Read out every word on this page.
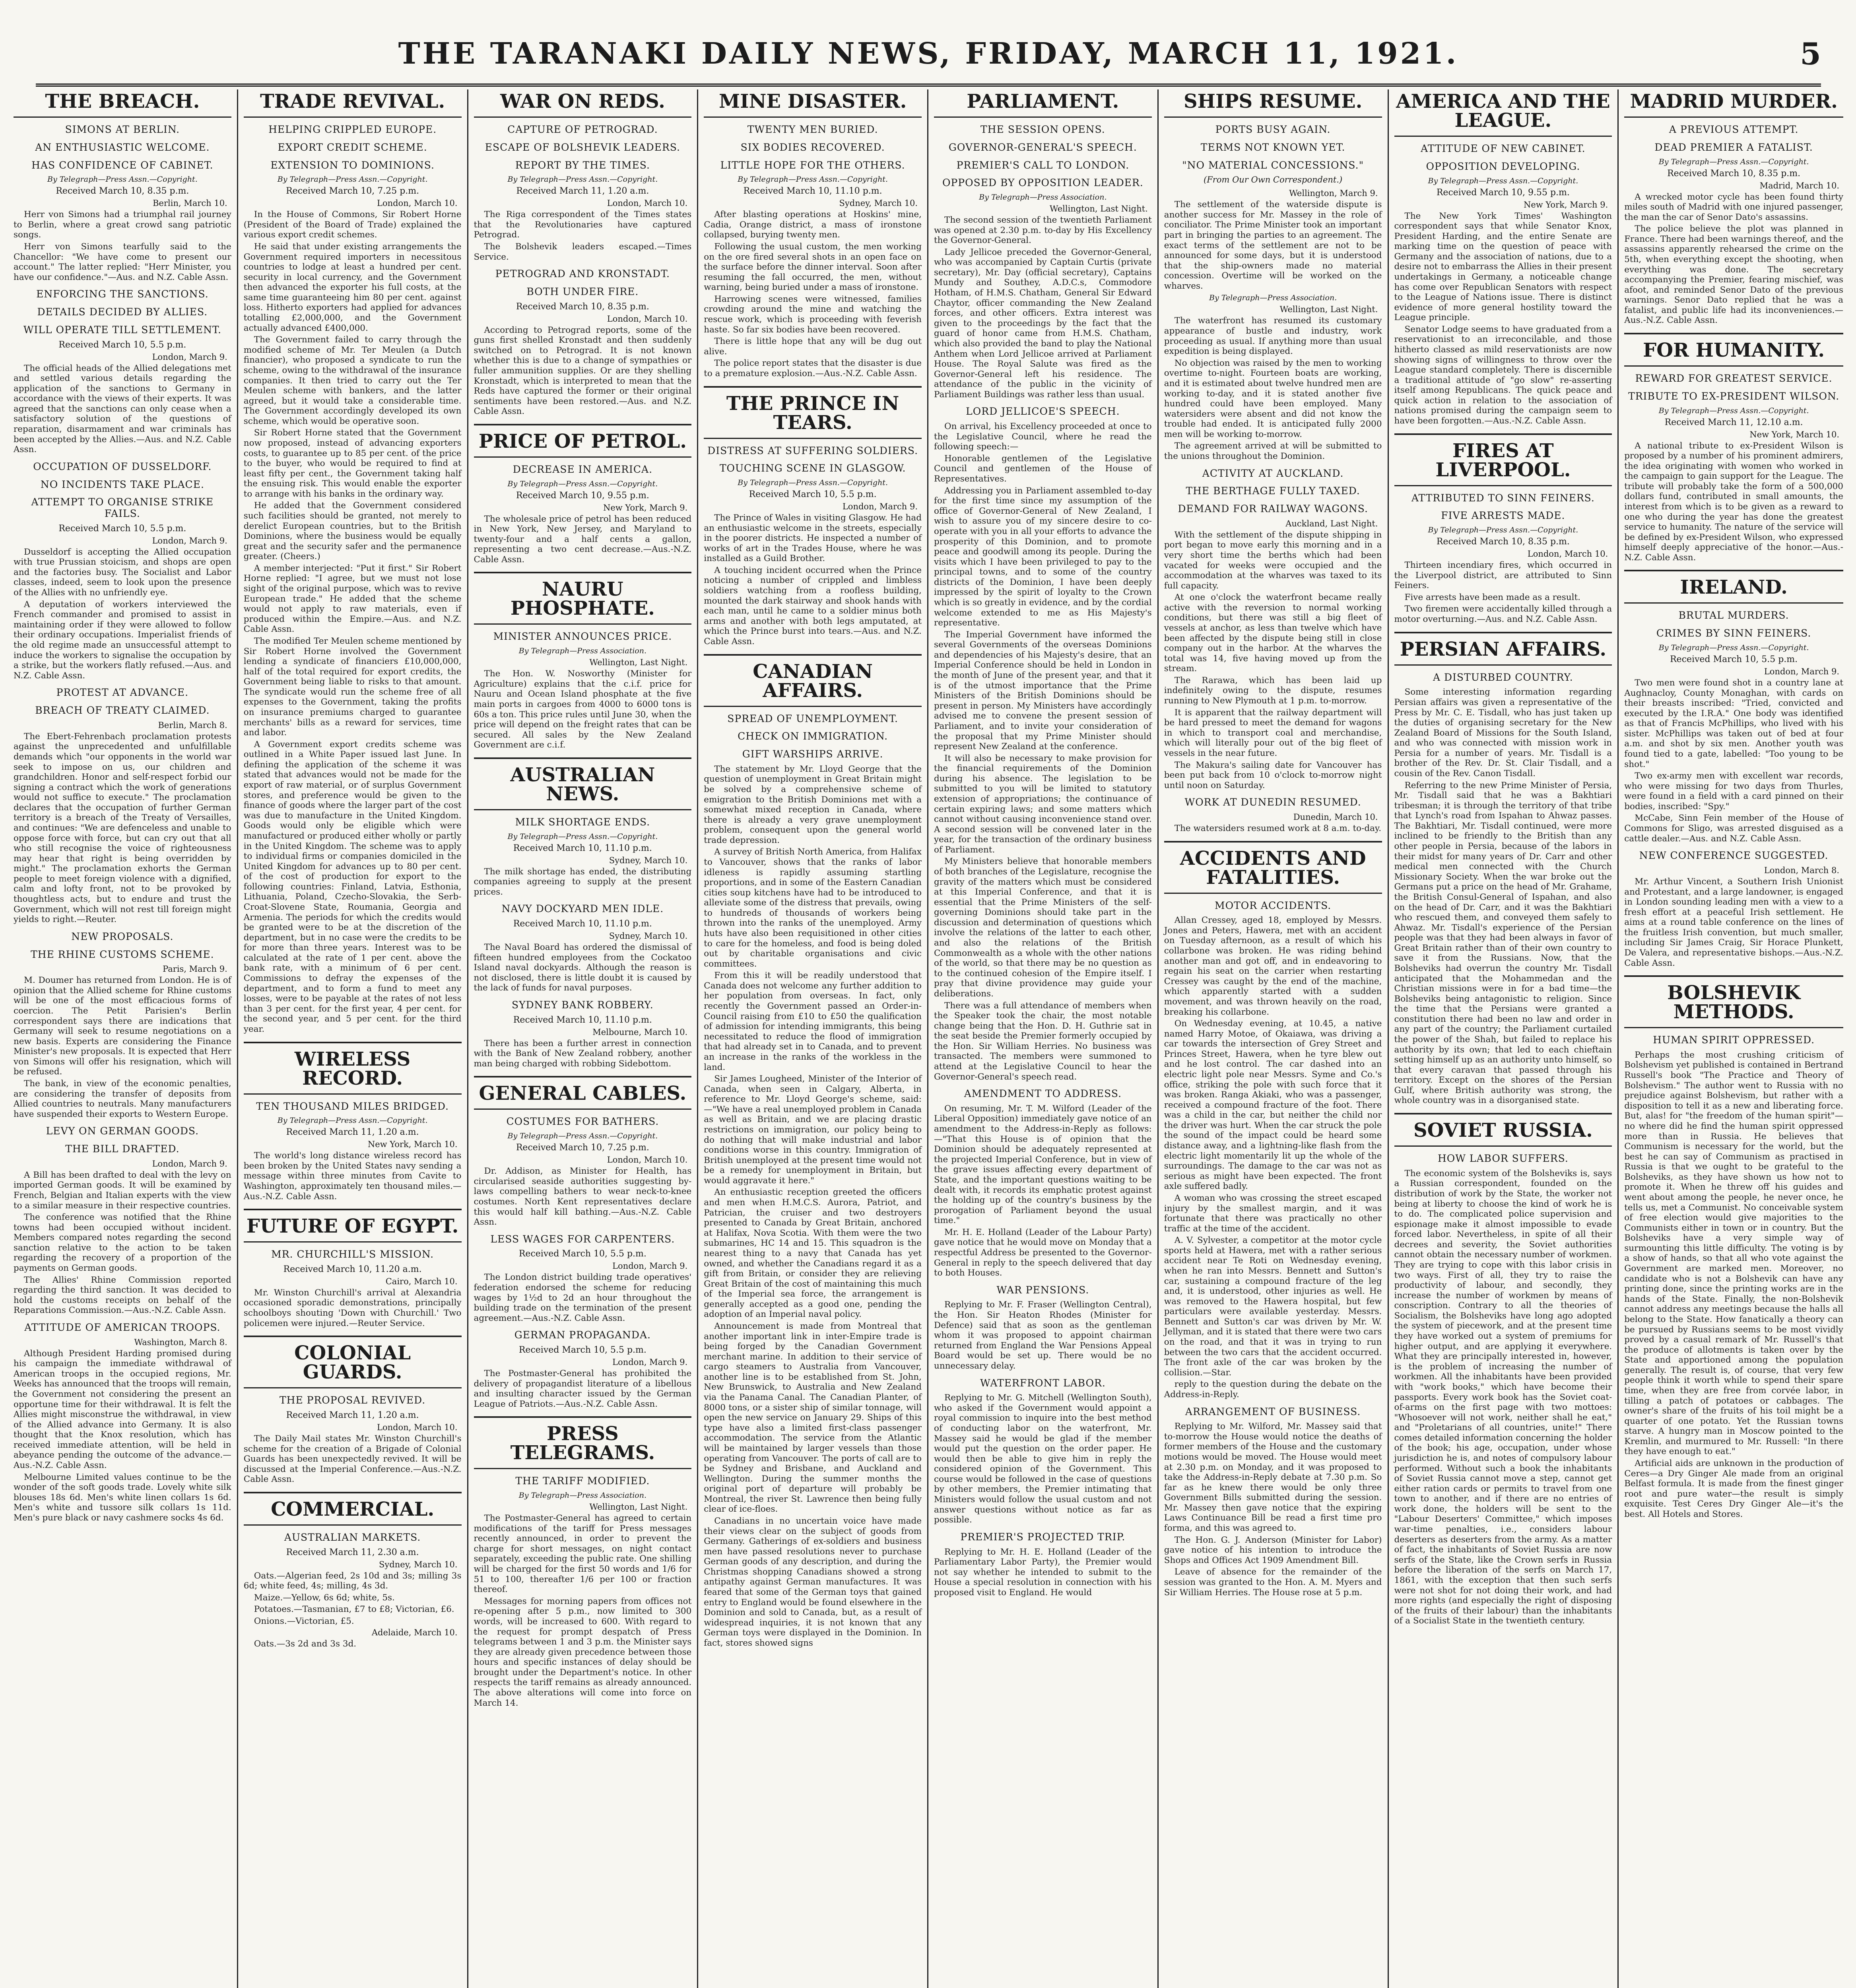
THE TARANAKI DAILY NEWS, FRIDAY, MARCH 11, 1921.	5
THE BREACH.
SIMONS AT BERLIN.
AN ENTHUSIASTIC WELCOME.
HAS CONFIDENCE OF CABINET.
By Telegraph—Press Assn.—Copyright.
Received March 10, 8.35 p.m.
Berlin, March 10.
Herr von Simons had a triumphal rail journey to Berlin, where a great crowd sang patriotic songs.
Herr von Simons tearfully said to the Chancellor: "We have come to present our account." The latter replied: "Herr Minister, you have our confidence."—Aus. and N.Z. Cable Assn.
ENFORCING THE SANCTIONS.
DETAILS DECIDED BY ALLIES.
WILL OPERATE TILL SETTLEMENT.
Received March 10, 5.5 p.m.
London, March 9.
The official heads of the Allied delegations met and settled various details regarding the application of the sanctions to Germany in accordance with the views of their experts. It was agreed that the sanctions can only cease when a satisfactory solution of the questions of reparation, disarmament and war criminals has been accepted by the Allies.—Aus. and N.Z. Cable Assn.
OCCUPATION OF DUSSELDORF.
NO INCIDENTS TAKE PLACE.
ATTEMPT TO ORGANISE STRIKE FAILS.
Received March 10, 5.5 p.m.
London, March 9.
Dusseldorf is accepting the Allied occupation with true Prussian stoicism, and shops are open and the factories busy. The Socialist and Labor classes, indeed, seem to look upon the presence of the Allies with no unfriendly eye.
A deputation of workers interviewed the French commander and promised to assist in maintaining order if they were allowed to follow their ordinary occupations. Imperialist friends of the old regime made an unsuccessful attempt to induce the workers to signalise the occupation by a strike, but the workers flatly refused.—Aus. and N.Z. Cable Assn.
PROTEST AT ADVANCE.
BREACH OF TREATY CLAIMED.
Berlin, March 8.
The Ebert-Fehrenbach proclamation protests against the unprecedented and unfulfillable demands which "our opponents in the world war seek to impose on us, our children and grandchildren. Honor and self-respect forbid our signing a contract which the work of generations would not suffice to execute." The proclamation declares that the occupation of further German territory is a breach of the Treaty of Versailles, and continues: "We are defenceless and unable to oppose force with force, but can cry out that all who still recognise the voice of righteousness may hear that right is being overridden by might." The proclamation exhorts the German people to meet foreign violence with a dignified, calm and lofty front, not to be provoked by thoughtless acts, but to endure and trust the Government, which will not rest till foreign might yields to right.—Reuter.
NEW PROPOSALS.
THE RHINE CUSTOMS SCHEME.
Paris, March 9.
M. Doumer has returned from London. He is of opinion that the Allied scheme for Rhine customs will be one of the most efficacious forms of coercion. The Petit Parisien's Berlin correspondent says there are indications that Germany will seek to resume negotiations on a new basis. Experts are considering the Finance Minister's new proposals. It is expected that Herr von Simons will offer his resignation, which will be refused.
The bank, in view of the economic penalties, are considering the transfer of deposits from Allied countries to neutrals. Many manufacturers have suspended their exports to Western Europe.
LEVY ON GERMAN GOODS.
THE BILL DRAFTED.
London, March 9.
A Bill has been drafted to deal with the levy on imported German goods. It will be examined by French, Belgian and Italian experts with the view to a similar measure in their respective countries.
The conference was notified that the Rhine towns had been occupied without incident. Members compared notes regarding the second sanction relative to the action to be taken regarding the recovery of a proportion of the payments on German goods.
The Allies' Rhine Commission reported regarding the third sanction. It was decided to hold the customs receipts on behalf of the Reparations Commission.—Aus.-N.Z. Cable Assn.
ATTITUDE OF AMERICAN TROOPS.
Washington, March 8.
Although President Harding promised during his campaign the immediate withdrawal of American troops in the occupied regions, Mr. Weeks has announced that the troops will remain, the Government not considering the present an opportune time for their withdrawal. It is felt the Allies might misconstrue the withdrawal, in view of the Allied advance into Germany. It is also thought that the Knox resolution, which has received immediate attention, will be held in abeyance pending the outcome of the advance.—Aus.-N.Z. Cable Assn.
Melbourne Limited values continue to be the wonder of the soft goods trade. Lovely white silk blouses 18s 6d. Men's white linen collars 1s 6d. Men's white and tussore silk collars 1s 11d. Men's pure black or navy cashmere socks 4s 6d.
TRADE REVIVAL.
HELPING CRIPPLED EUROPE.
EXPORT CREDIT SCHEME.
EXTENSION TO DOMINIONS.
By Telegraph—Press Assn.—Copyright.
Received March 10, 7.25 p.m.
London, March 10.
In the House of Commons, Sir Robert Horne (President of the Board of Trade) explained the various export credit schemes.
He said that under existing arrangements the Government required importers in necessitous countries to lodge at least a hundred per cent. security in local currency, and the Government then advanced the exporter his full costs, at the same time guaranteeing him 80 per cent. against loss. Hitherto exporters had applied for advances totalling £2,000,000, and the Government actually advanced £400,000.
The Government failed to carry through the modified scheme of Mr. Ter Meulen (a Dutch financier), who proposed a syndicate to run the scheme, owing to the withdrawal of the insurance companies. It then tried to carry out the Ter Meulen scheme with bankers, and the latter agreed, but it would take a considerable time. The Government accordingly developed its own scheme, which would be operative soon.
Sir Robert Horne stated that the Government now proposed, instead of advancing exporters costs, to guarantee up to 85 per cent. of the price to the buyer, who would be required to find at least fifty per cent., the Government taking half the ensuing risk. This would enable the exporter to arrange with his banks in the ordinary way.
He added that the Government considered such facilities should be granted, not merely to derelict European countries, but to the British Dominions, where the business would be equally great and the security safer and the permanence greater. (Cheers.)
A member interjected: "Put it first." Sir Robert Horne replied: "I agree, but we must not lose sight of the original purpose, which was to revive European trade." He added that the scheme would not apply to raw materials, even if produced within the Empire.—Aus. and N.Z. Cable Assn.
The modified Ter Meulen scheme mentioned by Sir Robert Horne involved the Government lending a syndicate of financiers £10,000,000, half of the total required for export credits, the Government being liable to risks to that amount. The syndicate would run the scheme free of all expenses to the Government, taking the profits on insurance premiums charged to guarantee merchants' bills as a reward for services, time and labor.
A Government export credits scheme was outlined in a White Paper issued last June. In defining the application of the scheme it was stated that advances would not be made for the export of raw material, or of surplus Government stores, and preference would be given to the finance of goods where the larger part of the cost was due to manufacture in the United Kingdom. Goods would only be eligible which were manufactured or produced either wholly or partly in the United Kingdom. The scheme was to apply to individual firms or companies domiciled in the United Kingdom for advances up to 80 per cent. of the cost of production for export to the following countries: Finland, Latvia, Esthonia, Lithuania, Poland, Czecho-Slovakia, the Serb-Croat-Slovene State, Roumania, Georgia and Armenia. The periods for which the credits would be granted were to be at the discretion of the department, but in no case were the credits to be for more than three years. Interest was to be calculated at the rate of 1 per cent. above the bank rate, with a minimum of 6 per cent. Commissions to defray the expenses of the department, and to form a fund to meet any losses, were to be payable at the rates of not less than 3 per cent. for the first year, 4 per cent. for the second year, and 5 per cent. for the third year.
WIRELESS RECORD.
TEN THOUSAND MILES BRIDGED.
By Telegraph—Press Assn.—Copyright.
Received March 11, 1.20 a.m.
New York, March 10.
The world's long distance wireless record has been broken by the United States navy sending a message within three minutes from Cavite to Washington, approximately ten thousand miles.—Aus.-N.Z. Cable Assn.
FUTURE OF EGYPT.
MR. CHURCHILL'S MISSION.
Received March 10, 11.20 a.m.
Cairo, March 10.
Mr. Winston Churchill's arrival at Alexandria occasioned sporadic demonstrations, principally schoolboys shouting 'Down with Churchill.' Two policemen were injured.—Reuter Service.
COLONIAL GUARDS.
THE PROPOSAL REVIVED.
Received March 11, 1.20 a.m.
London, March 10.
The Daily Mail states Mr. Winston Churchill's scheme for the creation of a Brigade of Colonial Guards has been unexpectedly revived. It will be discussed at the Imperial Conference.—Aus.-N.Z. Cable Assn.
COMMERCIAL.
AUSTRALIAN MARKETS.
Received March 11, 2.30 a.m.
Sydney, March 10.
Oats.—Algerian feed, 2s 10d and 3s; milling 3s 6d; white feed, 4s; milling, 4s 3d.
Maize.—Yellow, 6s 6d; white, 5s.
Potatoes.—Tasmanian, £7 to £8; Victorian, £6.
Onions.—Victorian, £5.
Adelaide, March 10.
Oats.—3s 2d and 3s 3d.
WAR ON REDS.
CAPTURE OF PETROGRAD.
ESCAPE OF BOLSHEVIK LEADERS.
REPORT BY THE TIMES.
By Telegraph—Press Assn.—Copyright.
Received March 11, 1.20 a.m.
London, March 10.
The Riga correspondent of the Times states that the Revolutionaries have captured Petrograd.
The Bolshevik leaders escaped.—Times Service.
PETROGRAD AND KRONSTADT.
BOTH UNDER FIRE.
Received March 10, 8.35 p.m.
London, March 10.
According to Petrograd reports, some of the guns first shelled Kronstadt and then suddenly switched on to Petrograd. It is not known whether this is due to a change of sympathies or fuller ammunition supplies. Or are they shelling Kronstadt, which is interpreted to mean that the Reds have captured the former or their original sentiments have been restored.—Aus. and N.Z. Cable Assn.
PRICE OF PETROL.
DECREASE IN AMERICA.
By Telegraph—Press Assn.—Copyright.
Received March 10, 9.55 p.m.
New York, March 9.
The wholesale price of petrol has been reduced in New York, New Jersey, and Maryland to twenty-four and a half cents a gallon, representing a two cent decrease.—Aus.-N.Z. Cable Assn.
NAURU PHOSPHATE.
MINISTER ANNOUNCES PRICE.
By Telegraph—Press Association.
Wellington, Last Night.
The Hon. W. Nosworthy (Minister for Agriculture) explains that the c.i.f. price for Nauru and Ocean Island phosphate at the five main ports in cargoes from 4000 to 6000 tons is 60s a ton. This price rules until June 30, when the price will depend on the freight rates that can be secured. All sales by the New Zealand Government are c.i.f.
AUSTRALIAN NEWS.
MILK SHORTAGE ENDS.
By Telegraph—Press Assn.—Copyright.
Received March 10, 11.10 p.m.
Sydney, March 10.
The milk shortage has ended, the distributing companies agreeing to supply at the present prices.
NAVY DOCKYARD MEN IDLE.
Received March 10, 11.10 p.m.
Sydney, March 10.
The Naval Board has ordered the dismissal of fifteen hundred employees from the Cockatoo Island naval dockyards. Although the reason is not disclosed, there is little doubt it is caused by the lack of funds for naval purposes.
SYDNEY BANK ROBBERY.
Received March 10, 11.10 p.m.
Melbourne, March 10.
There has been a further arrest in connection with the Bank of New Zealand robbery, another man being charged with robbing Sidebottom.
GENERAL CABLES.
COSTUMES FOR BATHERS.
By Telegraph—Press Assn.—Copyright.
Received March 10, 7.25 p.m.
London, March 10.
Dr. Addison, as Minister for Health, has circularised seaside authorities suggesting by-laws compelling bathers to wear neck-to-knee costumes. North Kent representatives declare this would half kill bathing.—Aus.-N.Z. Cable Assn.
LESS WAGES FOR CARPENTERS.
Received March 10, 5.5 p.m.
London, March 9.
The London district building trade operatives' federation endorsed the scheme for reducing wages by 1½d to 2d an hour throughout the building trade on the termination of the present agreement.—Aus.-N.Z. Cable Assn.
GERMAN PROPAGANDA.
Received March 10, 5.5 p.m.
London, March 9.
The Postmaster-General has prohibited the delivery of propagandist literature of a libellous and insulting character issued by the German League of Patriots.—Aus.-N.Z. Cable Assn.
PRESS TELEGRAMS.
THE TARIFF MODIFIED.
By Telegraph—Press Association.
Wellington, Last Night.
The Postmaster-General has agreed to certain modifications of the tariff for Press messages recently announced, in order to prevent the charge for short messages, on night contact separately, exceeding the public rate. One shilling will be charged for the first 50 words and 1/6 for 51 to 100, thereafter 1/6 per 100 or fraction thereof.
Messages for morning papers from offices not re-opening after 5 p.m., now limited to 300 words, will be increased to 600. With regard to the request for prompt despatch of Press telegrams between 1 and 3 p.m. the Minister says they are already given precedence between those hours and specific instances of delay should be brought under the Department's notice. In other respects the tariff remains as already announced. The above alterations will come into force on March 14.
MINE DISASTER.
TWENTY MEN BURIED.
SIX BODIES RECOVERED.
LITTLE HOPE FOR THE OTHERS.
By Telegraph—Press Assn.—Copyright.
Received March 10, 11.10 p.m.
Sydney, March 10.
After blasting operations at Hoskins' mine, Cadia, Orange district, a mass of ironstone collapsed, burying twenty men.
Following the usual custom, the men working on the ore fired several shots in an open face on the surface before the dinner interval. Soon after resuming the fall occurred, the men, without warning, being buried under a mass of ironstone.
Harrowing scenes were witnessed, families crowding around the mine and watching the rescue work, which is proceeding with feverish haste. So far six bodies have been recovered.
There is little hope that any will be dug out alive.
The police report states that the disaster is due to a premature explosion.—Aus.-N.Z. Cable Assn.
THE PRINCE IN TEARS.
DISTRESS AT SUFFERING SOLDIERS.
TOUCHING SCENE IN GLASGOW.
By Telegraph—Press Assn.—Copyright.
Received March 10, 5.5 p.m.
London, March 9.
The Prince of Wales in visiting Glasgow. He had an enthusiastic welcome in the streets, especially in the poorer districts. He inspected a number of works of art in the Trades House, where he was installed as a Guild Brother.
A touching incident occurred when the Prince noticing a number of crippled and limbless soldiers watching from a roofless building, mounted the dark stairway and shook hands with each man, until he came to a soldier minus both arms and another with both legs amputated, at which the Prince burst into tears.—Aus. and N.Z. Cable Assn.
CANADIAN AFFAIRS.
SPREAD OF UNEMPLOYMENT.
CHECK ON IMMIGRATION.
GIFT WARSHIPS ARRIVE.
The statement by Mr. Lloyd George that the question of unemployment in Great Britain might be solved by a comprehensive scheme of emigration to the British Dominions met with a somewhat mixed reception in Canada, where there is already a very grave unemployment problem, consequent upon the general world trade depression.
A survey of British North America, from Halifax to Vancouver, shows that the ranks of labor idleness is rapidly assuming startling proportions, and in some of the Eastern Canadian cities soup kitchens have had to be introduced to alleviate some of the distress that prevails, owing to hundreds of thousands of workers being thrown into the ranks of the unemployed. Army huts have also been requisitioned in other cities to care for the homeless, and food is being doled out by charitable organisations and civic committees.
From this it will be readily understood that Canada does not welcome any further addition to her population from overseas. In fact, only recently the Government passed an Order-in-Council raising from £10 to £50 the qualification of admission for intending immigrants, this being necessitated to reduce the flood of immigration that had already set in to Canada, and to prevent an increase in the ranks of the workless in the land.
Sir James Lougheed, Minister of the Interior of Canada, when seen in Calgary, Alberta, in reference to Mr. Lloyd George's scheme, said:—"We have a real unemployed problem in Canada as well as Britain, and we are placing drastic restrictions on immigration, our policy being to do nothing that will make industrial and labor conditions worse in this country. Immigration of British unemployed at the present time would not be a remedy for unemployment in Britain, but would aggravate it here."
An enthusiastic reception greeted the officers and men when H.M.C.S. Aurora, Patriot, and Patrician, the cruiser and two destroyers presented to Canada by Great Britain, anchored at Halifax, Nova Scotia. With them were the two submarines, HC 14 and 15. This squadron is the nearest thing to a navy that Canada has yet owned, and whether the Canadians regard it as a gift from Britain, or consider they are relieving Great Britain of the cost of maintaining this much of the Imperial sea force, the arrangement is generally accepted as a good one, pending the adoption of an Imperial naval policy.
Announcement is made from Montreal that another important link in inter-Empire trade is being forged by the Canadian Government merchant marine. In addition to their service of cargo steamers to Australia from Vancouver, another line is to be established from St. John, New Brunswick, to Australia and New Zealand via the Panama Canal. The Canadian Planter, of 8000 tons, or a sister ship of similar tonnage, will open the new service on January 29. Ships of this type have also a limited first-class passenger accommodation. The service from the Atlantic will be maintained by larger vessels than those operating from Vancouver. The ports of call are to be Sydney and Brisbane, and Auckland and Wellington. During the summer months the original port of departure will probably be Montreal, the river St. Lawrence then being fully clear of ice-floes.
Canadians in no uncertain voice have made their views clear on the subject of goods from Germany. Gatherings of ex-soldiers and business men have passed resolutions never to purchase German goods of any description, and during the Christmas shopping Canadians showed a strong antipathy against German manufactures. It was feared that some of the German toys that gained entry to England would be found elsewhere in the Dominion and sold to Canada, but, as a result of widespread inquiries, it is not known that any German toys were displayed in the Dominion. In fact, stores showed signs
PARLIAMENT.
THE SESSION OPENS.
GOVERNOR-GENERAL'S SPEECH.
PREMIER'S CALL TO LONDON.
OPPOSED BY OPPOSITION LEADER.
By Telegraph—Press Association.
Wellington, Last Night.
The second session of the twentieth Parliament was opened at 2.30 p.m. to-day by His Excellency the Governor-General.
Lady Jellicoe preceded the Governor-General, who was accompanied by Captain Curtis (private secretary), Mr. Day (official secretary), Captains Mundy and Southey, A.D.C.s, Commodore Hotham, of H.M.S. Chatham, General Sir Edward Chaytor, officer commanding the New Zealand forces, and other officers. Extra interest was given to the proceedings by the fact that the guard of honor came from H.M.S. Chatham, which also provided the band to play the National Anthem when Lord Jellicoe arrived at Parliament House. The Royal Salute was fired as the Governor-General left his residence. The attendance of the public in the vicinity of Parliament Buildings was rather less than usual.
LORD JELLICOE'S SPEECH.
On arrival, his Excellency proceeded at once to the Legislative Council, where he read the following speech:—
Honorable gentlemen of the Legislative Council and gentlemen of the House of Representatives.
Addressing you in Parliament assembled to-day for the first time since my assumption of the office of Governor-General of New Zealand, I wish to assure you of my sincere desire to co-operate with you in all your efforts to advance the prosperity of this Dominion, and to promote peace and goodwill among its people. During the visits which I have been privileged to pay to the principal towns, and to some of the country districts of the Dominion, I have been deeply impressed by the spirit of loyalty to the Crown which is so greatly in evidence, and by the cordial welcome extended to me as His Majesty's representative.
The Imperial Government have informed the several Governments of the overseas Dominions and dependencies of his Majesty's desire, that an Imperial Conference should be held in London in the month of June of the present year, and that it is of the utmost importance that the Prime Ministers of the British Dominions should be present in person. My Ministers have accordingly advised me to convene the present session of Parliament, and to invite your consideration of the proposal that my Prime Minister should represent New Zealand at the conference.
It will also be necessary to make provision for the financial requirements of the Dominion during his absence. The legislation to be submitted to you will be limited to statutory extension of appropriations; the continuance of certain expiring laws; and some matters which cannot without causing inconvenience stand over. A second session will be convened later in the year, for the transaction of the ordinary business of Parliament.
My Ministers believe that honorable members of both branches of the Legislature, recognise the gravity of the matters which must be considered at this Imperial Conference, and that it is essential that the Prime Ministers of the self-governing Dominions should take part in the discussion and determination of questions which involve the relations of the latter to each other, and also the relations of the British Commonwealth as a whole with the other nations of the world, so that there may be no question as to the continued cohesion of the Empire itself. I pray that divine providence may guide your deliberations.
There was a full attendance of members when the Speaker took the chair, the most notable change being that the Hon. D. H. Guthrie sat in the seat beside the Premier formerly occupied by the Hon. Sir William Herries. No business was transacted. The members were summoned to attend at the Legislative Council to hear the Governor-General's speech read.
AMENDMENT TO ADDRESS.
On resuming, Mr. T. M. Wilford (Leader of the Liberal Opposition) immediately gave notice of an amendment to the Address-in-Reply as follows:—"That this House is of opinion that the Dominion should be adequately represented at the projected Imperial Conference, but in view of the grave issues affecting every department of State, and the important questions waiting to be dealt with, it records its emphatic protest against the holding up of the country's business by the prorogation of Parliament beyond the usual time."
Mr. H. E. Holland (Leader of the Labour Party) gave notice that he would move on Monday that a respectful Address be presented to the Governor-General in reply to the speech delivered that day to both Houses.
WAR PENSIONS.
Replying to Mr. F. Fraser (Wellington Central), the Hon. Sir Heaton Rhodes (Minister for Defence) said that as soon as the gentleman whom it was proposed to appoint chairman returned from England the War Pensions Appeal Board would be set up. There would be no unnecessary delay.
WATERFRONT LABOR.
Replying to Mr. G. Mitchell (Wellington South), who asked if the Government would appoint a royal commission to inquire into the best method of conducting labor on the waterfront, Mr. Massey said he would be glad if the member would put the question on the order paper. He would then be able to give him in reply the considered opinion of the Government. This course would be followed in the case of questions by other members, the Premier intimating that Ministers would follow the usual custom and not answer questions without notice as far as possible.
PREMIER'S PROJECTED TRIP.
Replying to Mr. H. E. Holland (Leader of the Parliamentary Labor Party), the Premier would not say whether he intended to submit to the House a special resolution in connection with his proposed visit to England. He would
SHIPS RESUME.
PORTS BUSY AGAIN.
TERMS NOT KNOWN YET.
"NO MATERIAL CONCESSIONS."
(From Our Own Correspondent.)
Wellington, March 9.
The settlement of the waterside dispute is another success for Mr. Massey in the role of conciliator. The Prime Minister took an important part in bringing the parties to an agreement. The exact terms of the settlement are not to be announced for some days, but it is understood that the ship-owners made no material concession. Overtime will be worked on the wharves.
By Telegraph—Press Association.
Wellington, Last Night.
The waterfront has resumed its customary appearance of bustle and industry, work proceeding as usual. If anything more than usual expedition is being displayed.
No objection was raised by the men to working overtime to-night. Fourteen boats are working, and it is estimated about twelve hundred men are working to-day, and it is stated another five hundred could have been employed. Many watersiders were absent and did not know the trouble had ended. It is anticipated fully 2000 men will be working to-morrow.
The agreement arrived at will be submitted to the unions throughout the Dominion.
ACTIVITY AT AUCKLAND.
THE BERTHAGE FULLY TAXED.
DEMAND FOR RAILWAY WAGONS.
Auckland, Last Night.
With the settlement of the dispute shipping in port began to move early this morning and in a very short time the berths which had been vacated for weeks were occupied and the accommodation at the wharves was taxed to its full capacity.
At one o'clock the waterfront became really active with the reversion to normal working conditions, but there was still a big fleet of vessels at anchor, as less than twelve which have been affected by the dispute being still in close company out in the harbor. At the wharves the total was 14, five having moved up from the stream.
The Rarawa, which has been laid up indefinitely owing to the dispute, resumes running to New Plymouth at 1 p.m. to-morrow.
It is apparent that the railway department will be hard pressed to meet the demand for wagons in which to transport coal and merchandise, which will literally pour out of the big fleet of vessels in the near future.
The Makura's sailing date for Vancouver has been put back from 10 o'clock to-morrow night until noon on Saturday.
WORK AT DUNEDIN RESUMED.
Dunedin, March 10.
The watersiders resumed work at 8 a.m. to-day.
ACCIDENTS AND FATALITIES.
MOTOR ACCIDENTS.
Allan Cressey, aged 18, employed by Messrs. Jones and Peters, Hawera, met with an accident on Tuesday afternoon, as a result of which his collarbone was broken. He was riding behind another man and got off, and in endeavoring to regain his seat on the carrier when restarting Cressey was caught by the end of the machine, which apparently started with a sudden movement, and was thrown heavily on the road, breaking his collarbone.
On Wednesday evening, at 10.45, a native named Harry Motoe, of Okaiawa, was driving a car towards the intersection of Grey Street and Princes Street, Hawera, when he tyre blew out and he lost control. The car dashed into an electric light pole near Messrs. Syme and Co.'s office, striking the pole with such force that it was broken. Ranga Akiaki, who was a passenger, received a compound fracture of the foot. There was a child in the car, but neither the child nor the driver was hurt. When the car struck the pole the sound of the impact could be heard some distance away, and a lightning-like flash from the electric light momentarily lit up the whole of the surroundings. The damage to the car was not as serious as might have been expected. The front axle suffered badly.
A woman who was crossing the street escaped injury by the smallest margin, and it was fortunate that there was practically no other traffic at the time of the accident.
A. V. Sylvester, a competitor at the motor cycle sports held at Hawera, met with a rather serious accident near Te Roti on Wednesday evening, when he ran into Messrs. Bennett and Sutton's car, sustaining a compound fracture of the leg and, it is understood, other injuries as well. He was removed to the Hawera hospital, but few particulars were available yesterday. Messrs. Bennett and Sutton's car was driven by Mr. W. Jellyman, and it is stated that there were two cars on the road, and that it was in trying to run between the two cars that the accident occurred. The front axle of the car was broken by the collision.—Star.
reply to the question during the debate on the Address-in-Reply.
ARRANGEMENT OF BUSINESS.
Replying to Mr. Wilford, Mr. Massey said that to-morrow the House would notice the deaths of former members of the House and the customary motions would be moved. The House would meet at 2.30 p.m. on Monday, and it was proposed to take the Address-in-Reply debate at 7.30 p.m. So far as he knew there would be only three Government Bills submitted during the session. Mr. Massey then gave notice that the expiring Laws Continuance Bill be read a first time pro forma, and this was agreed to.
The Hon. G. J. Anderson (Minister for Labor) gave notice of his intention to introduce the Shops and Offices Act 1909 Amendment Bill.
Leave of absence for the remainder of the session was granted to the Hon. A. M. Myers and Sir William Herries. The House rose at 5 p.m.
AMERICA AND THE LEAGUE.
ATTITUDE OF NEW CABINET.
OPPOSITION DEVELOPING.
By Telegraph—Press Assn.—Copyright.
Received March 10, 9.55 p.m.
New York, March 9.
The New York Times' Washington correspondent says that while Senator Knox, President Harding, and the entire Senate are marking time on the question of peace with Germany and the association of nations, due to a desire not to embarrass the Allies in their present undertakings in Germany, a noticeable change has come over Republican Senators with respect to the League of Nations issue. There is distinct evidence of more general hostility toward the League principle.
Senator Lodge seems to have graduated from a reservationist to an irreconcilable, and those hitherto classed as mild reservationists are now showing signs of willingness to throw over the League standard completely. There is discernible a traditional attitude of "go slow" re-asserting itself among Republicans. The quick peace and quick action in relation to the association of nations promised during the campaign seem to have been forgotten.—Aus.-N.Z. Cable Assn.
FIRES AT LIVERPOOL.
ATTRIBUTED TO SINN FEINERS.
FIVE ARRESTS MADE.
By Telegraph—Press Assn.—Copyright.
Received March 10, 8.35 p.m.
London, March 10.
Thirteen incendiary fires, which occurred in the Liverpool district, are attributed to Sinn Feiners.
Five arrests have been made as a result.
Two firemen were accidentally killed through a motor overturning.—Aus. and N.Z. Cable Assn.
PERSIAN AFFAIRS.
A DISTURBED COUNTRY.
Some interesting information regarding Persian affairs was given a representative of the Press by Mr. C. E. Tisdall, who has just taken up the duties of organising secretary for the New Zealand Board of Missions for the South Island, and who was connected with mission work in Persia for a number of years. Mr. Tisdall is a brother of the Rev. Dr. St. Clair Tisdall, and a cousin of the Rev. Canon Tisdall.
Referring to the new Prime Minister of Persia, Mr. Tisdall said that he was a Bakhtiari tribesman; it is through the territory of that tribe that Lynch's road from Ispahan to Ahwaz passes. The Bakhtiari, Mr. Tisdall continued, were more inclined to be friendly to the British than any other people in Persia, because of the labors in their midst for many years of Dr. Carr and other medical men connected with the Church Missionary Society. When the war broke out the Germans put a price on the head of Mr. Grahame, the British Consul-General of Ispahan, and also on the head of Dr. Carr, and it was the Bakhtiari who rescued them, and conveyed them safely to Ahwaz. Mr. Tisdall's experience of the Persian people was that they had been always in favor of Great Britain rather than of their own country to save it from the Russians. Now, that the Bolsheviks had overrun the country Mr. Tisdall anticipated that the Mohammedan and the Christian missions were in for a bad time—the Bolsheviks being antagonistic to religion. Since the time that the Persians were granted a constitution there had been no law and order in any part of the country; the Parliament curtailed the power of the Shah, but failed to replace his authority by its own; that led to each chieftain setting himself up as an authority unto himself, so that every caravan that passed through his territory. Except on the shores of the Persian Gulf, where British authority was strong, the whole country was in a disorganised state.
SOVIET RUSSIA.
HOW LABOR SUFFERS.
The economic system of the Bolsheviks is, says a Russian correspondent, founded on the distribution of work by the State, the worker not being at liberty to choose the kind of work he is to do. The complicated police supervision and espionage make it almost impossible to evade forced labor. Nevertheless, in spite of all their decrees and severity, the Soviet authorities cannot obtain the necessary number of workmen. They are trying to cope with this labor crisis in two ways. First of all, they try to raise the productivity of labour, and secondly, they increase the number of workmen by means of conscription. Contrary to all the theories of Socialism, the Bolsheviks have long ago adopted the system of piecework, and at the present time they have worked out a system of premiums for higher output, and are applying it everywhere. What they are principally interested in, however, is the problem of increasing the number of workmen. All the inhabitants have been provided with "work books," which have become their passports. Every work book has the Soviet coat-of-arms on the first page with two mottoes: "Whosoever will not work, neither shall he eat," and "Proletarians of all countries, unite!" There comes detailed information concerning the holder of the book; his age, occupation, under whose jurisdiction he is, and notes of compulsory labour performed. Without such a book the inhabitants of Soviet Russia cannot move a step, cannot get either ration cards or permits to travel from one town to another, and if there are no entries of work done, the holders will be sent to the "Labour Deserters' Committee," which imposes war-time penalties, i.e., considers labour deserters as deserters from the army. As a matter of fact, the inhabitants of Soviet Russia are now serfs of the State, like the Crown serfs in Russia before the liberation of the serfs on March 17, 1861, with the exception that then such serfs were not shot for not doing their work, and had more rights (and especially the right of disposing of the fruits of their labour) than the inhabitants of a Socialist State in the twentieth century.
MADRID MURDER.
A PREVIOUS ATTEMPT.
DEAD PREMIER A FATALIST.
By Telegraph—Press Assn.—Copyright.
Received March 10, 8.35 p.m.
Madrid, March 10.
A wrecked motor cycle has been found thirty miles south of Madrid with one injured passenger, the man the car of Senor Dato's assassins.
The police believe the plot was planned in France. There had been warnings thereof, and the assassins apparently rehearsed the crime on the 5th, when everything except the shooting, when everything was done. The secretary accompanying the Premier, fearing mischief, was afoot, and reminded Senor Dato of the previous warnings. Senor Dato replied that he was a fatalist, and public life had its inconveniences.—Aus.-N.Z. Cable Assn.
FOR HUMANITY.
REWARD FOR GREATEST SERVICE.
TRIBUTE TO EX-PRESIDENT WILSON.
By Telegraph—Press Assn.—Copyright.
Received March 11, 12.10 a.m.
New York, March 10.
A national tribute to ex-President Wilson is proposed by a number of his prominent admirers, the idea originating with women who worked in the campaign to gain support for the League. The tribute will probably take the form of a 500,000 dollars fund, contributed in small amounts, the interest from which is to be given as a reward to one who during the year has done the greatest service to humanity. The nature of the service will be defined by ex-President Wilson, who expressed himself deeply appreciative of the honor.—Aus.-N.Z. Cable Assn.
IRELAND.
BRUTAL MURDERS.
CRIMES BY SINN FEINERS.
By Telegraph—Press Assn.—Copyright.
Received March 10, 5.5 p.m.
London, March 9.
Two men were found shot in a country lane at Aughnacloy, County Monaghan, with cards on their breasts inscribed: "Tried, convicted and executed by the I.R.A." One body was identified as that of Francis McPhillips, who lived with his sister. McPhillips was taken out of bed at four a.m. and shot by six men. Another youth was found tied to a gate, labelled: "Too young to be shot."
Two ex-army men with excellent war records, who were missing for two days from Thurles, were found in a field with a card pinned on their bodies, inscribed: "Spy."
McCabe, Sinn Fein member of the House of Commons for Sligo, was arrested disguised as a cattle dealer.—Aus. and N.Z. Cable Assn.
NEW CONFERENCE SUGGESTED.
London, March 8.
Mr. Arthur Vincent, a Southern Irish Unionist and Protestant, and a large landowner, is engaged in London sounding leading men with a view to a fresh effort at a peaceful Irish settlement. He aims at a round table conference on the lines of the fruitless Irish convention, but much smaller, including Sir James Craig, Sir Horace Plunkett, De Valera, and representative bishops.—Aus.-N.Z. Cable Assn.
BOLSHEVIK METHODS.
HUMAN SPIRIT OPPRESSED.
Perhaps the most crushing criticism of Bolshevism yet published is contained in Bertrand Russell's book "The Practice and Theory of Bolshevism." The author went to Russia with no prejudice against Bolshevism, but rather with a disposition to tell it as a new and liberating force. But, alas! for "the freedom of the human spirit"—no where did he find the human spirit oppressed more than in Russia. He believes that Communism is necessary for the world, but the best he can say of Communism as practised in Russia is that we ought to be grateful to the Bolsheviks, as they have shown us how not to promote it. When he threw off his guides and went about among the people, he never once, he tells us, met a Communist. No conceivable system of free election would give majorities to the Communists either in town or in country. But the Bolsheviks have a very simple way of surmounting this little difficulty. The voting is by a show of hands, so that all who vote against the Government are marked men. Moreover, no candidate who is not a Bolshevik can have any printing done, since the printing works are in the hands of the State. Finally, the non-Bolshevik cannot address any meetings because the halls all belong to the State. How fanatically a theory can be pursued by Russians seems to be most vividly proved by a casual remark of Mr. Russell's that the produce of allotments is taken over by the State and apportioned among the population generally. The result is, of course, that very few people think it worth while to spend their spare time, when they are free from corvée labor, in tilling a patch of potatoes or cabbages. The owner's share of the fruits of his toil might be a quarter of one potato. Yet the Russian towns starve. A hungry man in Moscow pointed to the Kremlin, and murmured to Mr. Russell: "In there they have enough to eat."
Artificial aids are unknown in the production of Ceres—a Dry Ginger Ale made from an original Belfast formula. It is made from the finest ginger root and pure water—the result is simply exquisite. Test Ceres Dry Ginger Ale—it's the best. All Hotels and Stores.
